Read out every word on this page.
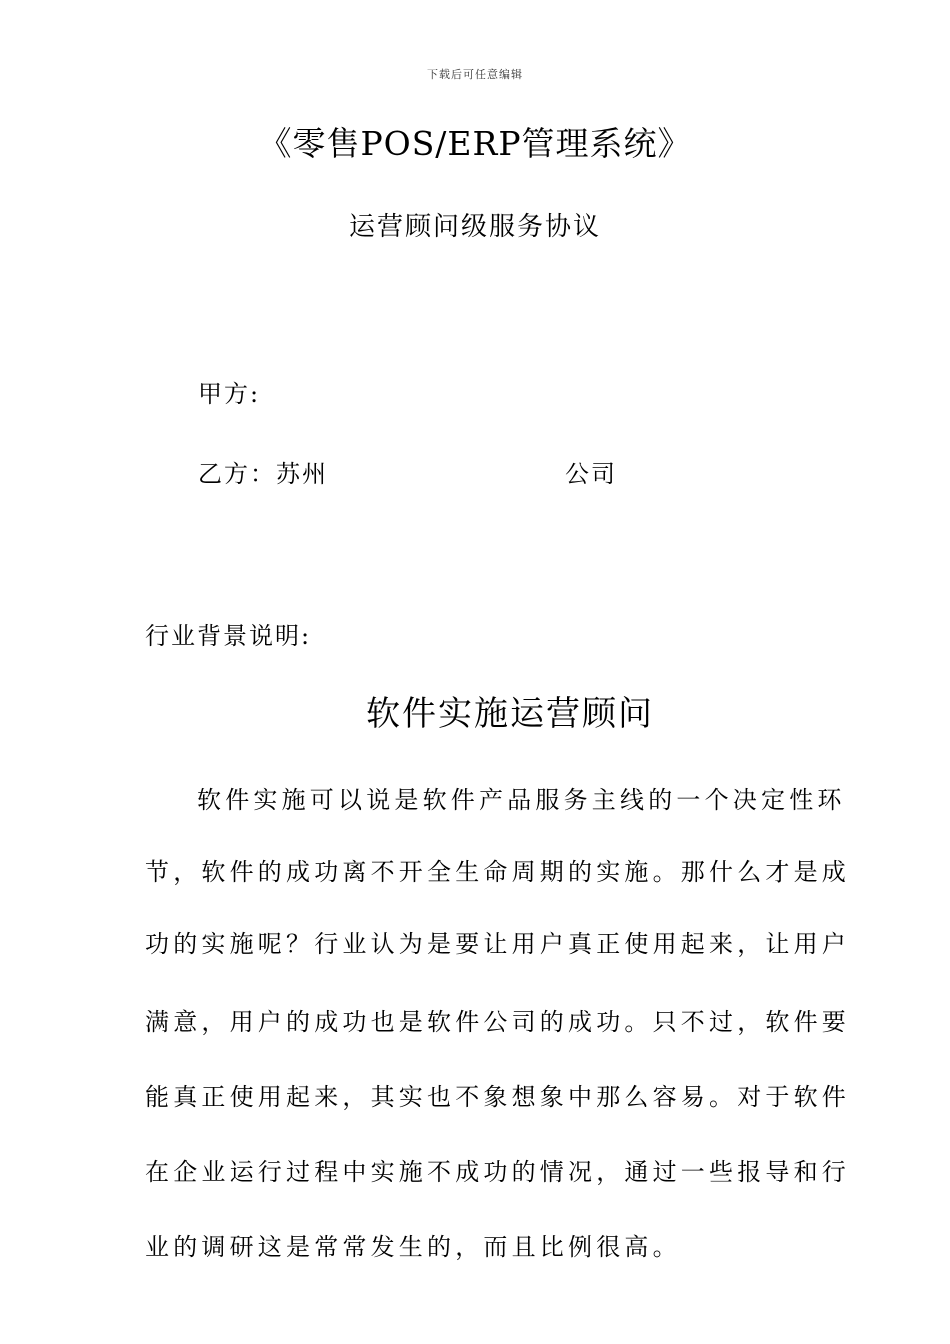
下载后可任意编辑
《零售POS/ERP管理系统》
运营顾问级服务协议
甲方:
乙方：苏州	公司
行业背景说明:
软件实施运营顾问
软件实施可以说是软件产品服务主线的一个决定性环
节，软件的成功离不开全生命周期的实施。那什么才是成
功的实施呢？行业认为是要让用户真正使用起来，让用户
满意，用户的成功也是软件公司的成功。只不过，软件要
能真正使用起来，其实也不象想象中那么容易。对于软件
在企业运行过程中实施不成功的情况，通过一些报导和行
业的调研这是常常发生的，而且比例很高。
